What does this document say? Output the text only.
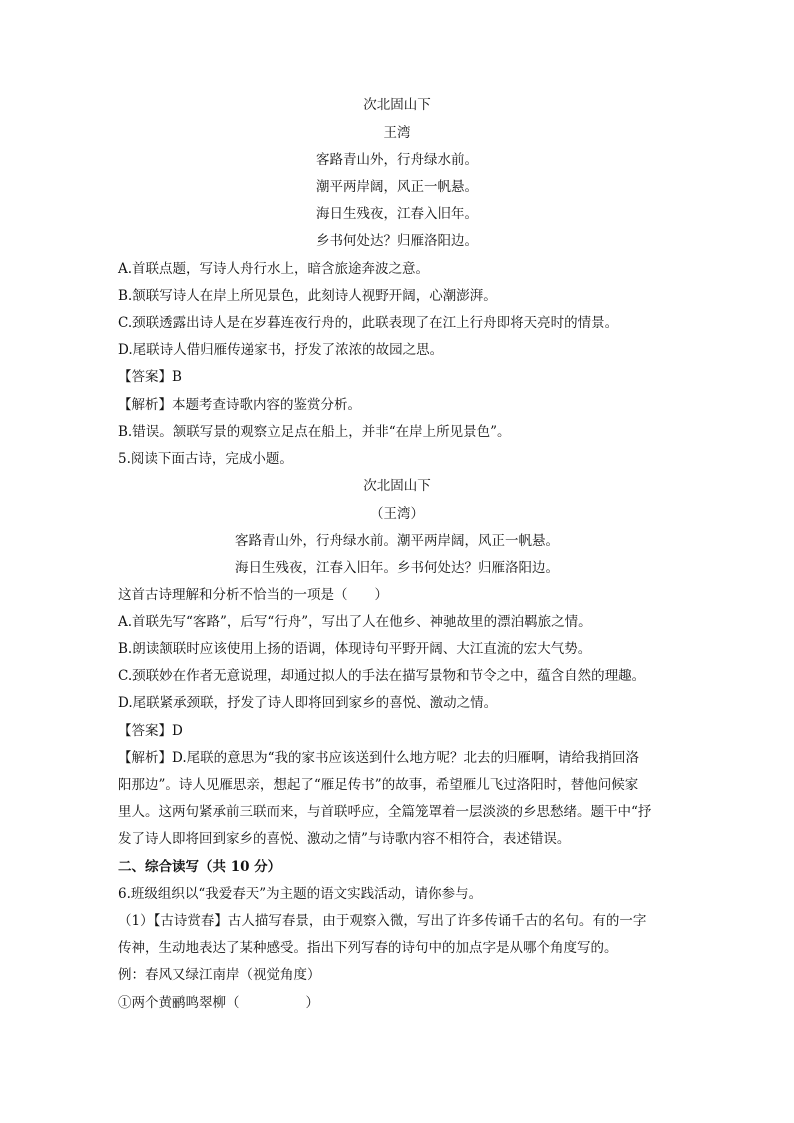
次北固山下
王湾
客路青山外，行舟绿水前。
潮平两岸阔，风正一帆悬。
海日生残夜，江春入旧年。
乡书何处达？归雁洛阳边。
A.首联点题，写诗人舟行水上，暗含旅途奔波之意。
B.颔联写诗人在岸上所见景色，此刻诗人视野开阔，心潮澎湃。
C.颈联透露出诗人是在岁暮连夜行舟的，此联表现了在江上行舟即将天亮时的情景。
D.尾联诗人借归雁传递家书，抒发了浓浓的故园之思。
【答案】B
【解析】本题考查诗歌内容的鉴赏分析。
B.错误。颔联写景的观察立足点在船上，并非“在岸上所见景色”。
5.阅读下面古诗，完成小题。
次北固山下
（王湾）
客路青山外，行舟绿水前。潮平两岸阔，风正一帆悬。
海日生残夜，江春入旧年。乡书何处达？归雁洛阳边。
这首古诗理解和分析不恰当的一项是（　　）
A.首联先写“客路”，后写“行舟”，写出了人在他乡、神驰故里的漂泊羁旅之情。
B.朗读颔联时应该使用上扬的语调，体现诗句平野开阔、大江直流的宏大气势。
C.颈联妙在作者无意说理，却通过拟人的手法在描写景物和节令之中，蕴含自然的理趣。
D.尾联紧承颈联，抒发了诗人即将回到家乡的喜悦、激动之情。
【答案】D
【解析】D.尾联的意思为“我的家书应该送到什么地方呢？北去的归雁啊，请给我捎回洛
阳那边”。诗人见雁思亲，想起了“雁足传书”的故事，希望雁儿飞过洛阳时，替他问候家
里人。这两句紧承前三联而来，与首联呼应，全篇笼罩着一层淡淡的乡思愁绪。题干中“抒
发了诗人即将回到家乡的喜悦、激动之情”与诗歌内容不相符合，表述错误。
二、综合读写（共 10 分）
6.班级组织以“我爱春天”为主题的语文实践活动，请你参与。
（1）【古诗赏春】古人描写春景，由于观察入微，写出了许多传诵千古的名句。有的一字
传神，生动地表达了某种感受。指出下列写春的诗句中的加点字是从哪个角度写的。
例：春风又绿江南岸（视觉角度）
①两个黄鹂鸣翠柳（	）
